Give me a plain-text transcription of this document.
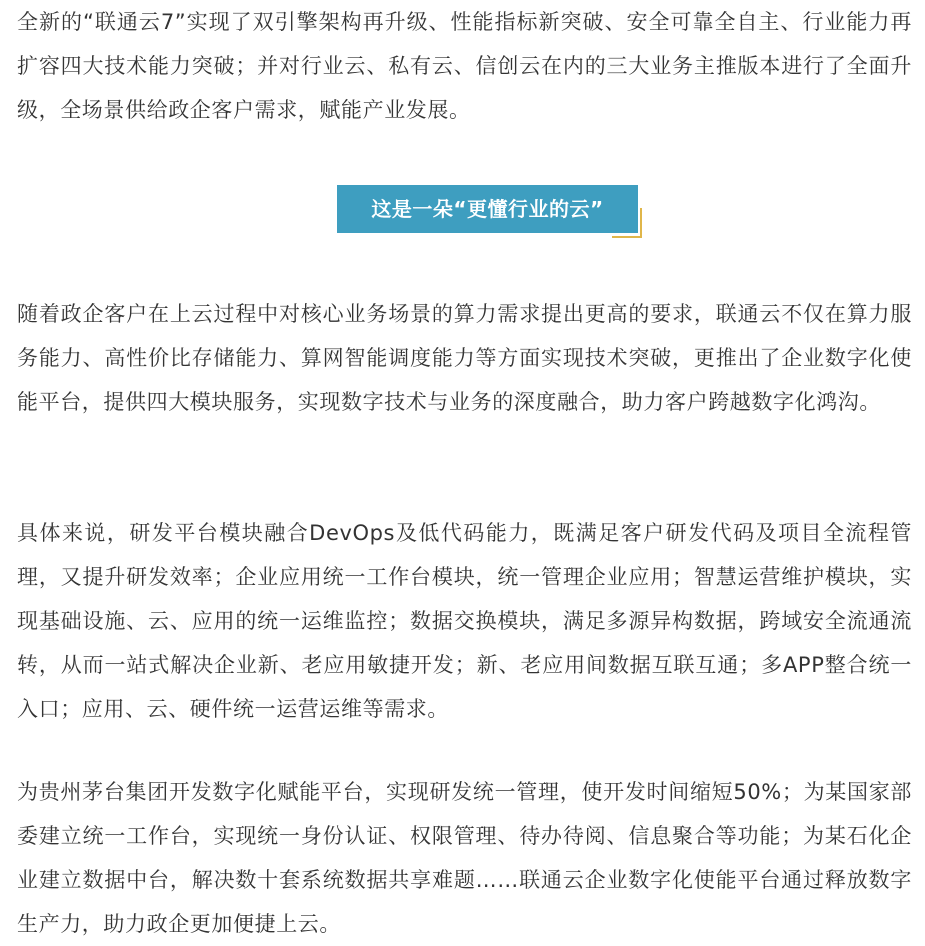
全新的“联通云7”实现了双引擎架构再升级、性能指标新突破、安全可靠全自主、行业能力再扩容四大技术能力突破；并对行业云、私有云、信创云在内的三大业务主推版本进行了全面升级，全场景供给政企客户需求，赋能产业发展。

这是一朵“更懂行业的云”

随着政企客户在上云过程中对核心业务场景的算力需求提出更高的要求，联通云不仅在算力服务能力、高性价比存储能力、算网智能调度能力等方面实现技术突破，更推出了企业数字化使能平台，提供四大模块服务，实现数字技术与业务的深度融合，助力客户跨越数字化鸿沟。

具体来说，研发平台模块融合DevOps及低代码能力，既满足客户研发代码及项目全流程管理，又提升研发效率；企业应用统一工作台模块，统一管理企业应用；智慧运营维护模块，实现基础设施、云、应用的统一运维监控；数据交换模块，满足多源异构数据，跨域安全流通流转，从而一站式解决企业新、老应用敏捷开发；新、老应用间数据互联互通；多APP整合统一入口；应用、云、硬件统一运营运维等需求。

为贵州茅台集团开发数字化赋能平台，实现研发统一管理，使开发时间缩短50%；为某国家部委建立统一工作台，实现统一身份认证、权限管理、待办待阅、信息聚合等功能；为某石化企业建立数据中台，解决数十套系统数据共享难题……联通云企业数字化使能平台通过释放数字生产力，助力政企更加便捷上云。
